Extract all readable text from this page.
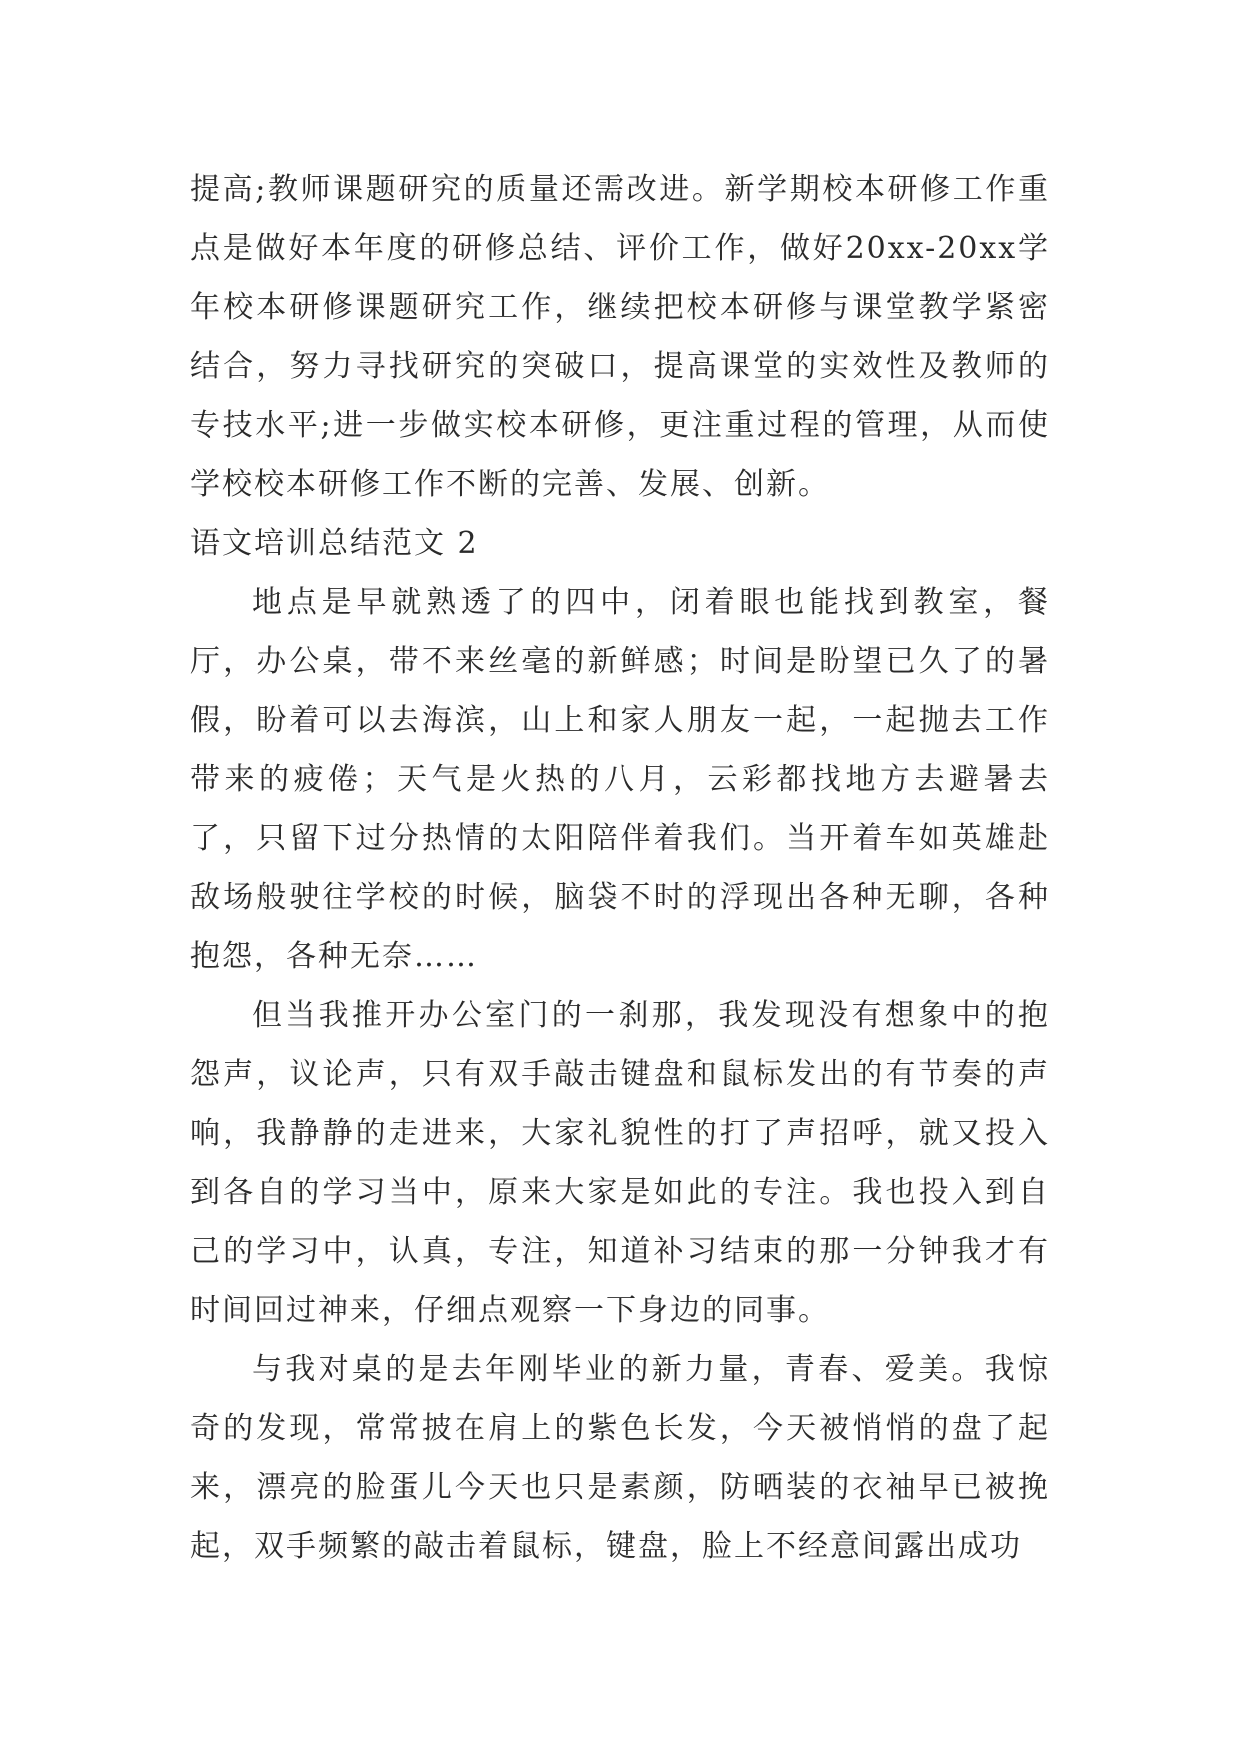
提高;教师课题研究的质量还需改进。新学期校本研修工作重点是做好本年度的研修总结、评价工作，做好20xx-20xx学年校本研修课题研究工作，继续把校本研修与课堂教学紧密结合，努力寻找研究的突破口，提高课堂的实效性及教师的专技水平;进一步做实校本研修，更注重过程的管理，从而使学校校本研修工作不断的完善、发展、创新。

语文培训总结范文 2

地点是早就熟透了的四中，闭着眼也能找到教室，餐厅，办公桌，带不来丝毫的新鲜感；时间是盼望已久了的暑假，盼着可以去海滨，山上和家人朋友一起，一起抛去工作带来的疲倦；天气是火热的八月，云彩都找地方去避暑去了，只留下过分热情的太阳陪伴着我们。当开着车如英雄赴敌场般驶往学校的时候，脑袋不时的浮现出各种无聊，各种抱怨，各种无奈……

但当我推开办公室门的一刹那，我发现没有想象中的抱怨声，议论声，只有双手敲击键盘和鼠标发出的有节奏的声响，我静静的走进来，大家礼貌性的打了声招呼，就又投入到各自的学习当中，原来大家是如此的专注。我也投入到自己的学习中，认真，专注，知道补习结束的那一分钟我才有时间回过神来，仔细点观察一下身边的同事。

与我对桌的是去年刚毕业的新力量，青春、爱美。我惊奇的发现，常常披在肩上的紫色长发，今天被悄悄的盘了起来，漂亮的脸蛋儿今天也只是素颜，防晒装的衣袖早已被挽起，双手频繁的敲击着鼠标，键盘，脸上不经意间露出成功
